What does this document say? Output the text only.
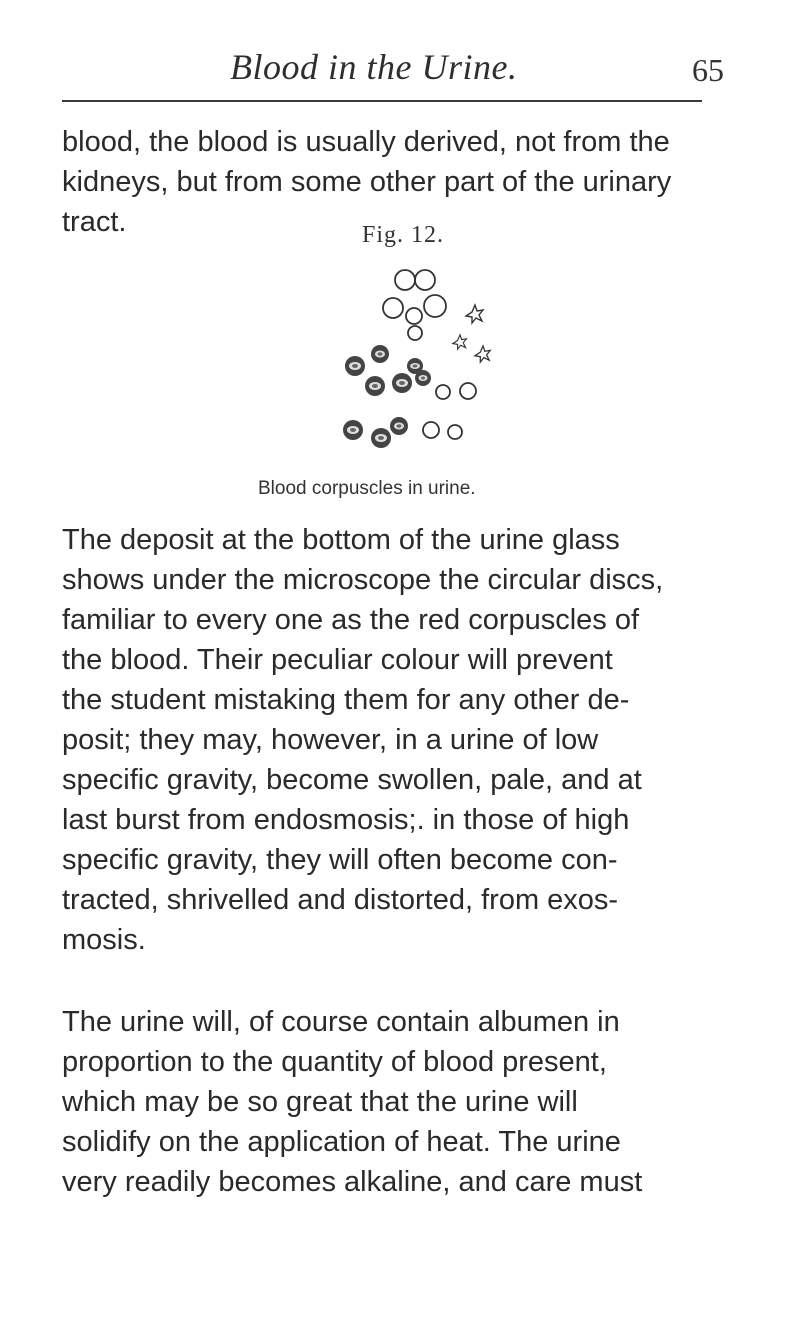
Blood in the Urine.	65

blood, the blood is usually derived, not from the
kidneys, but from some other part of the urinary
tract.	Fig. 12.
Blood corpuscles in urine.

The deposit at the bottom of the urine glass
shows under the microscope the circular discs,
familiar to every one as the red corpuscles of
the blood. Their peculiar colour will prevent
the student mistaking them for any other de-
posit; they may, however, in a urine of low
specific gravity, become swollen, pale, and at
last burst from endosmosis;. in those of high
specific gravity, they will often become con-
tracted, shrivelled and distorted, from exos-
mosis.

The urine will, of course contain albumen in
proportion to the quantity of blood present,
which may be so great that the urine will
solidify on the application of heat. The urine
very readily becomes alkaline, and care must
